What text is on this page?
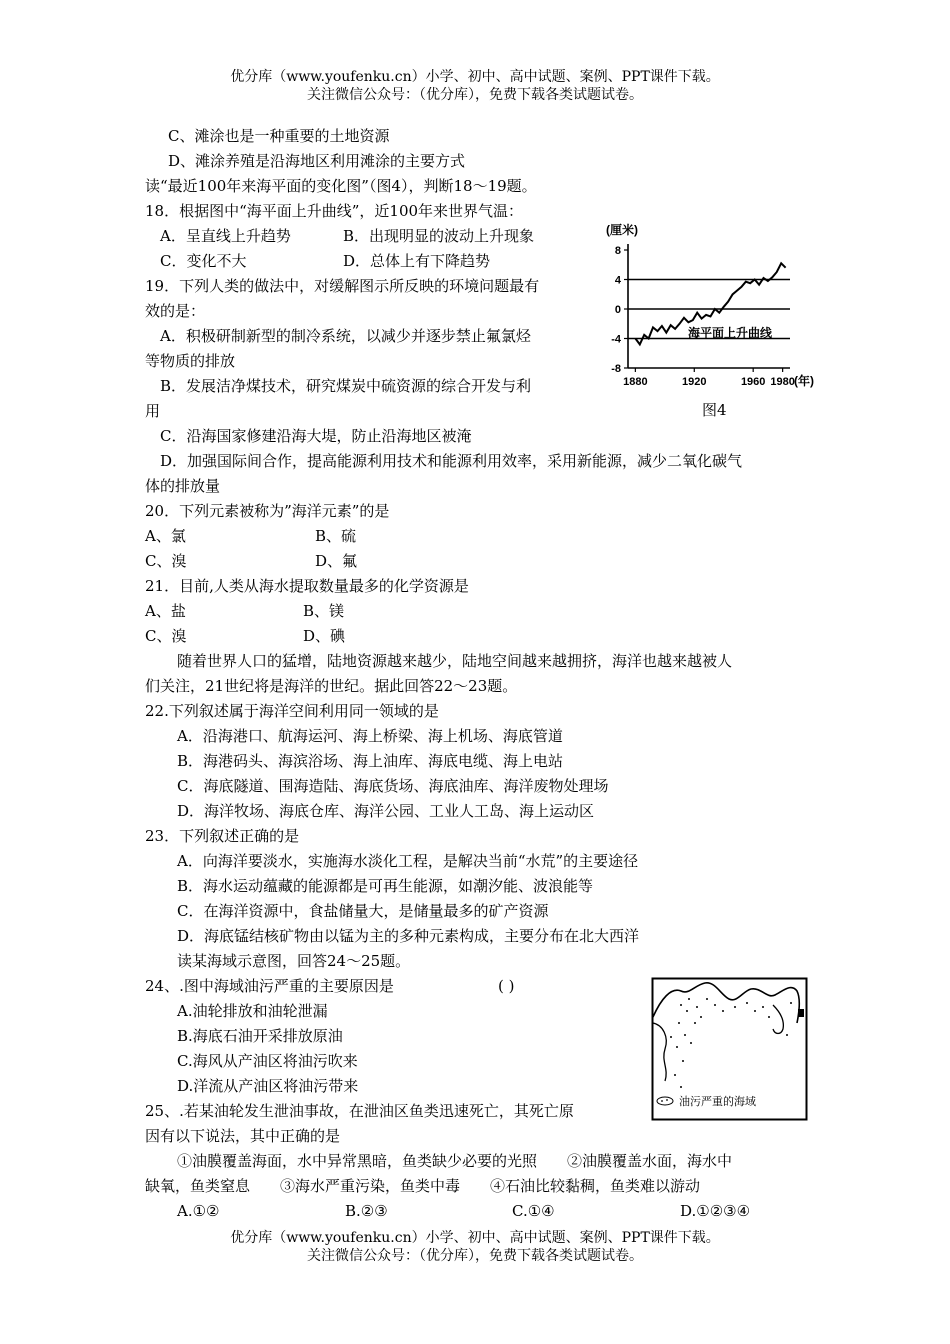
优分库（www.youfenku.cn）小学、初中、高中试题、案例、PPT课件下载。
关注微信公众号：（优分库），免费下载各类试题试卷。
C、滩涂也是一种重要的土地资源
D、滩涂养殖是沿海地区利用滩涂的主要方式
读“最近100年来海平面的变化图”（图4），判断18～19题。
18．根据图中“海平面上升曲线”，近100年来世界气温：
A．呈直线上升趋势	B．出现明显的波动上升现象
C．变化不大	D．总体上有下降趋势
19．下列人类的做法中，对缓解图示所反映的环境问题最有
效的是：
A．积极研制新型的制冷系统，以减少并逐步禁止氟氯烃
等物质的排放
B．发展洁净煤技术，研究煤炭中硫资源的综合开发与利
用
C．沿海国家修建沿海大堤，防止沿海地区被淹
D．加强国际间合作，提高能源利用技术和能源利用效率，采用新能源，减少二氧化碳气
体的排放量
20．下列元素被称为”海洋元素”的是
A、氯	B、硫
C、溴	D、氟
21．目前,人类从海水提取数量最多的化学资源是
A、盐	B、镁
C、溴	D、碘
随着世界人口的猛增，陆地资源越来越少，陆地空间越来越拥挤，海洋也越来越被人
们关注，21世纪将是海洋的世纪。据此回答22～23题。
22.下列叙述属于海洋空间利用同一领域的是
A．沿海港口、航海运河、海上桥梁、海上机场、海底管道
B．海港码头、海滨浴场、海上油库、海底电缆、海上电站
C．海底隧道、围海造陆、海底货场、海底油库、海洋废物处理场
D．海洋牧场、海底仓库、海洋公园、工业人工岛、海上运动区
23．下列叙述正确的是
A．向海洋要淡水，实施海水淡化工程，是解决当前“水荒”的主要途径
B．海水运动蕴藏的能源都是可再生能源，如潮汐能、波浪能等
C．在海洋资源中，食盐储量大，是储量最多的矿产资源
D．海底锰结核矿物由以锰为主的多种元素构成，主要分布在北大西洋
读某海域示意图，回答24～25题。
24、.图中海域油污严重的主要原因是	( )
A.油轮排放和油轮泄漏
B.海底石油开采排放原油
C.海风从产油区将油污吹来
D.洋流从产油区将油污带来
25、.若某油轮发生泄油事故，在泄油区鱼类迅速死亡，其死亡原
因有以下说法，其中正确的是
①油膜覆盖海面，水中异常黑暗，鱼类缺少必要的光照　　②油膜覆盖水面，海水中
缺氧，鱼类窒息　　③海水严重污染，鱼类中毒　　④石油比较黏稠，鱼类难以游动
A.①②	B.②③	C.①④	D.①②③④
(厘米)
(年)
8
4
0
-4
-8
1880	1920	1960 1980
海平面上升曲线
图4
油污严重的海域
优分库（www.youfenku.cn）小学、初中、高中试题、案例、PPT课件下载。
关注微信公众号：（优分库），免费下载各类试题试卷。
